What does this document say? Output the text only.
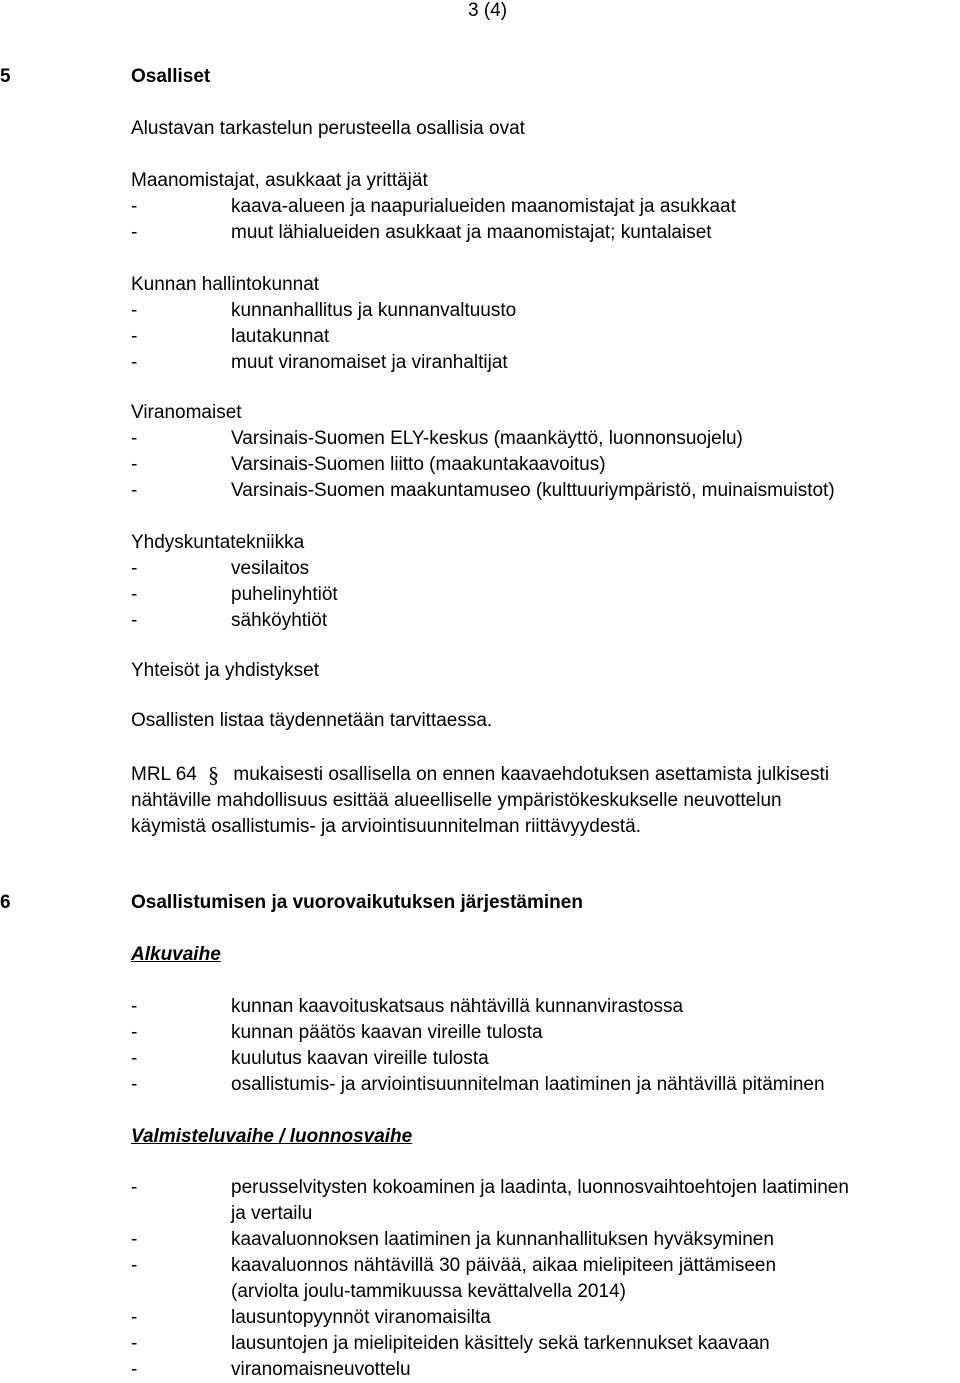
3 (4)
5	Osalliset
Alustavan tarkastelun perusteella osallisia ovat
Maanomistajat, asukkaat ja yrittäjät
-	kaava-alueen ja naapurialueiden maanomistajat ja asukkaat
-	muut lähialueiden asukkaat ja maanomistajat; kuntalaiset
Kunnan hallintokunnat
-	kunnanhallitus ja kunnanvaltuusto
-	lautakunnat
-	muut viranomaiset ja viranhaltijat
Viranomaiset
-	Varsinais-Suomen ELY-keskus (maankäyttö, luonnonsuojelu)
-	Varsinais-Suomen liitto (maakuntakaavoitus)
-	Varsinais-Suomen maakuntamuseo (kulttuuriympäristö, muinaismuistot)
Yhdyskuntatekniikka
-	vesilaitos
-	puhelinyhtiöt
-	sähköyhtiöt
Yhteisöt ja yhdistykset
Osallisten listaa täydennetään tarvittaessa.
MRL 64 § mukaisesti osallisella on ennen kaavaehdotuksen asettamista julkisesti
nähtäville mahdollisuus esittää alueelliselle ympäristökeskukselle neuvottelun
käymistä osallistumis- ja arviointisuunnitelman riittävyydestä.
6	Osallistumisen ja vuorovaikutuksen järjestäminen
Alkuvaihe
-	kunnan kaavoituskatsaus nähtävillä kunnanvirastossa
-	kunnan päätös kaavan vireille tulosta
-	kuulutus kaavan vireille tulosta
-	osallistumis- ja arviointisuunnitelman laatiminen ja nähtävillä pitäminen
Valmisteluvaihe / luonnosvaihe
-	perusselvitysten kokoaminen ja laadinta, luonnosvaihtoehtojen laatiminen
ja vertailu
-	kaavaluonnoksen laatiminen ja kunnanhallituksen hyväksyminen
-	kaavaluonnos nähtävillä 30 päivää, aikaa mielipiteen jättämiseen
(arviolta joulu-tammikuussa kevättalvella 2014)
-	lausuntopyynnöt viranomaisilta
-	lausuntojen ja mielipiteiden käsittely sekä tarkennukset kaavaan
-	viranomaisneuvottelu
